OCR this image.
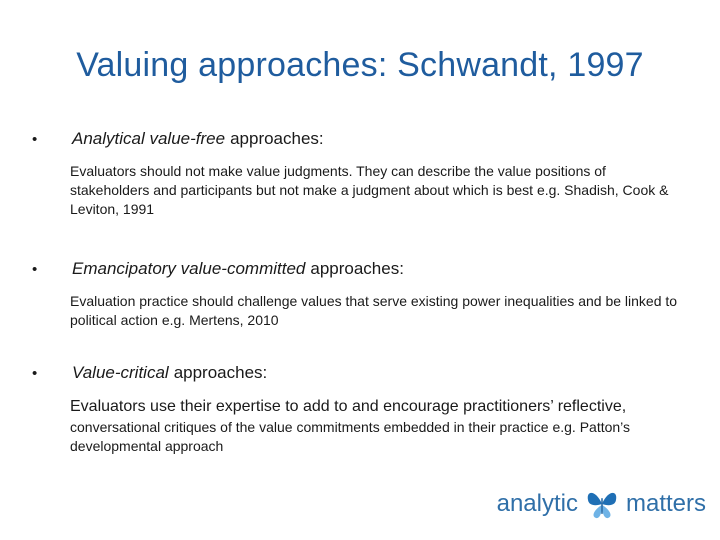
Valuing approaches: Schwandt, 1997
•	Analytical value-free approaches:
Evaluators should not make value judgments. They can describe the value positions of stakeholders and participants but not make a judgment about which is best e.g. Shadish, Cook & Leviton, 1991
•	Emancipatory value-committed approaches:
Evaluation practice should challenge values that serve existing power inequalities and be linked to political action e.g. Mertens, 2010
•	Value-critical approaches:
Evaluators use their expertise to add to and encourage practitioners’ reflective, conversational critiques of the value commitments embedded in their practice e.g. Patton’s developmental approach
analytic matters
